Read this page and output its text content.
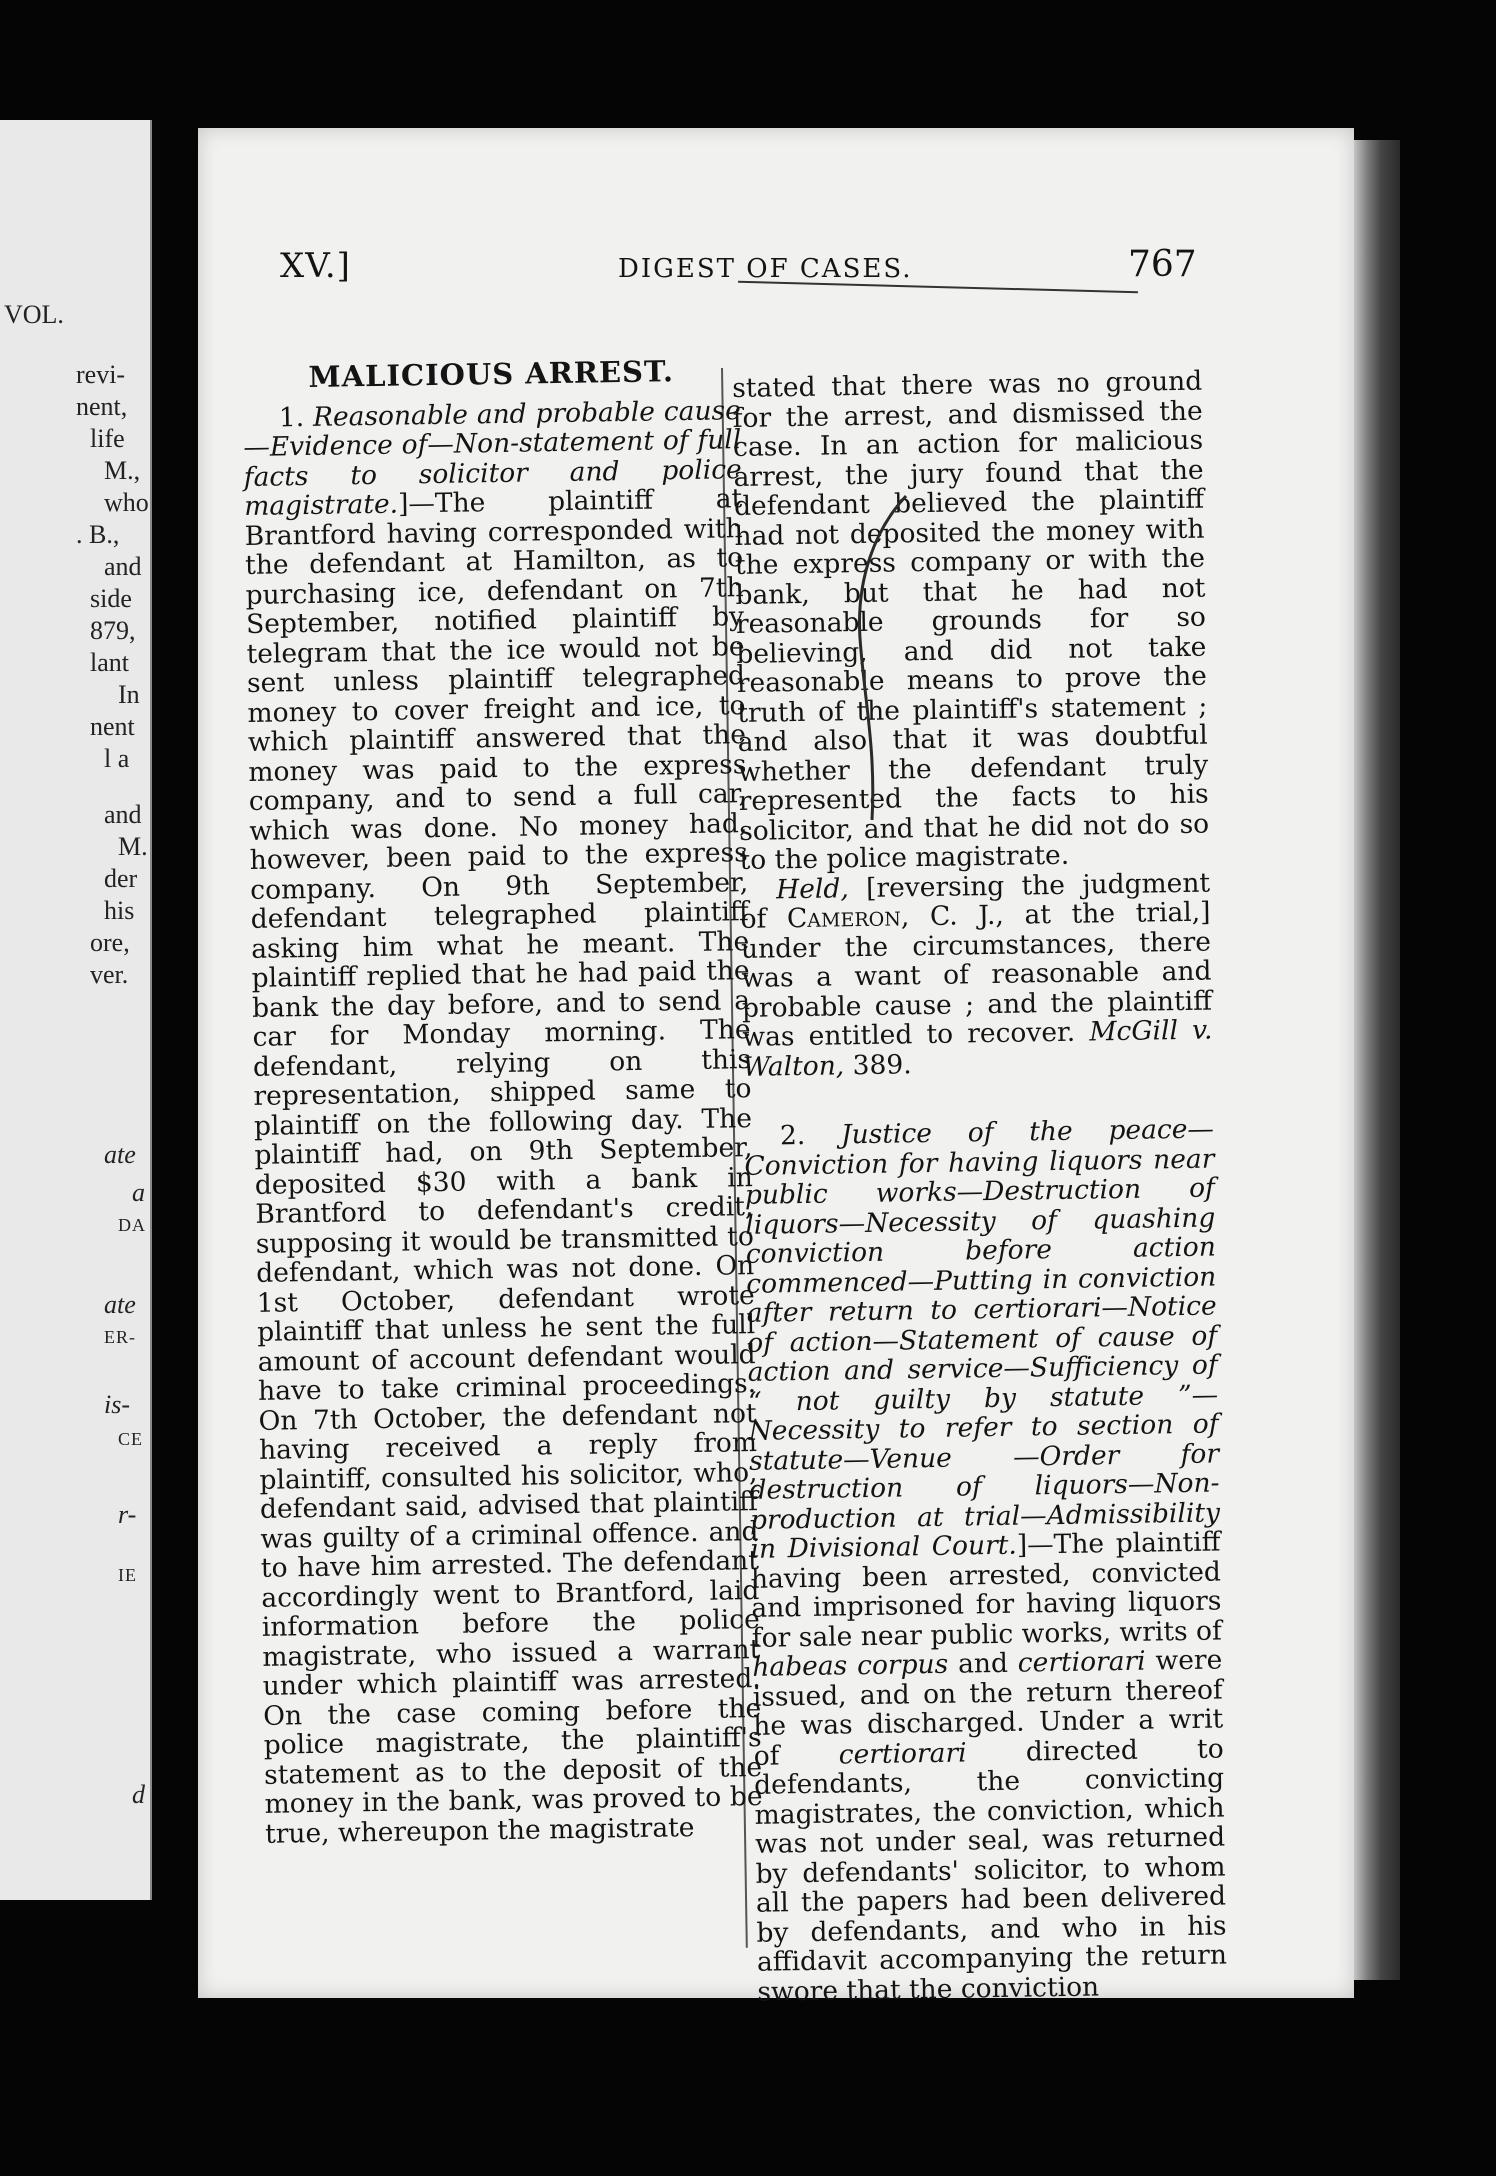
VOL.
revi-
nent,
life
M.,
who
. B.,
and
side
879,
lant
In
nent
l a
and
M.
der
his
ore,
ver.
ate
a
DA
ate
ER-
is-
CE
r-
IE
d
XV.]	DIGEST OF CASES.	767
MALICIOUS ARREST.

1. Reasonable and probable cause —Evidence of—Non-statement of full facts to solicitor and police magistrate.]—The plaintiff at Brantford having corresponded with the defendant at Hamilton, as to purchasing ice, defendant on 7th September, notified plaintiff by telegram that the ice would not be sent unless plaintiff telegraphed money to cover freight and ice, to which plaintiff answered that the money was paid to the express company, and to send a full car, which was done. No money had, however, been paid to the express company. On 9th September, defendant telegraphed plaintiff asking him what he meant. The plaintiff replied that he had paid the bank the day before, and to send a car for Monday morning. The defendant, relying on this representation, shipped same to plaintiff on the following day. The plaintiff had, on 9th September, deposited $30 with a bank in Brantford to defendant's credit, supposing it would be transmitted to defendant, which was not done. On 1st October, defendant wrote plaintiff that unless he sent the full amount of account defendant would have to take criminal proceedings. On 7th October, the defendant not having received a reply from plaintiff, consulted his solicitor, who, defendant said, advised that plaintiff was guilty of a criminal offence. and to have him arrested. The defendant accordingly went to Brantford, laid information before the police magistrate, who issued a warrant under which plaintiff was arrested. On the case coming before the police magistrate, the plaintiff's statement as to the deposit of the money in the bank, was proved to be true, whereupon the magistrate

stated that there was no ground for the arrest, and dismissed the case. In an action for malicious arrest, the jury found that the defendant believed the plaintiff had not deposited the money with the express company or with the bank, but that he had not reasonable grounds for so believing, and did not take reasonable means to prove the truth of the plaintiff's statement ; and also that it was doubtful whether the defendant truly represented the facts to his solicitor, and that he did not do so to the police magistrate.

Held, [reversing the judgment of Cameron, C. J., at the trial,] under the circumstances, there was a want of reasonable and probable cause ; and the plaintiff was entitled to recover. McGill v. Walton, 389.

2. Justice of the peace—Conviction for having liquors near public works—Destruction of liquors—Necessity of quashing conviction before action commenced—Putting in conviction after return to certiorari—Notice of action—Statement of cause of action and service—Sufficiency of “ not guilty by statute ”—Necessity to refer to section of statute—Venue —Order for destruction of liquors—Non-production at trial—Admissibility in Divisional Court.]—The plaintiff having been arrested, convicted and imprisoned for having liquors for sale near public works, writs of habeas corpus and certiorari were issued, and on the return thereof he was discharged. Under a writ of certiorari directed to defendants, the convicting magistrates, the conviction, which was not under seal, was returned by defendants' solicitor, to whom all the papers had been delivered by defendants, and who in his affidavit accompanying the return swore that the conviction
